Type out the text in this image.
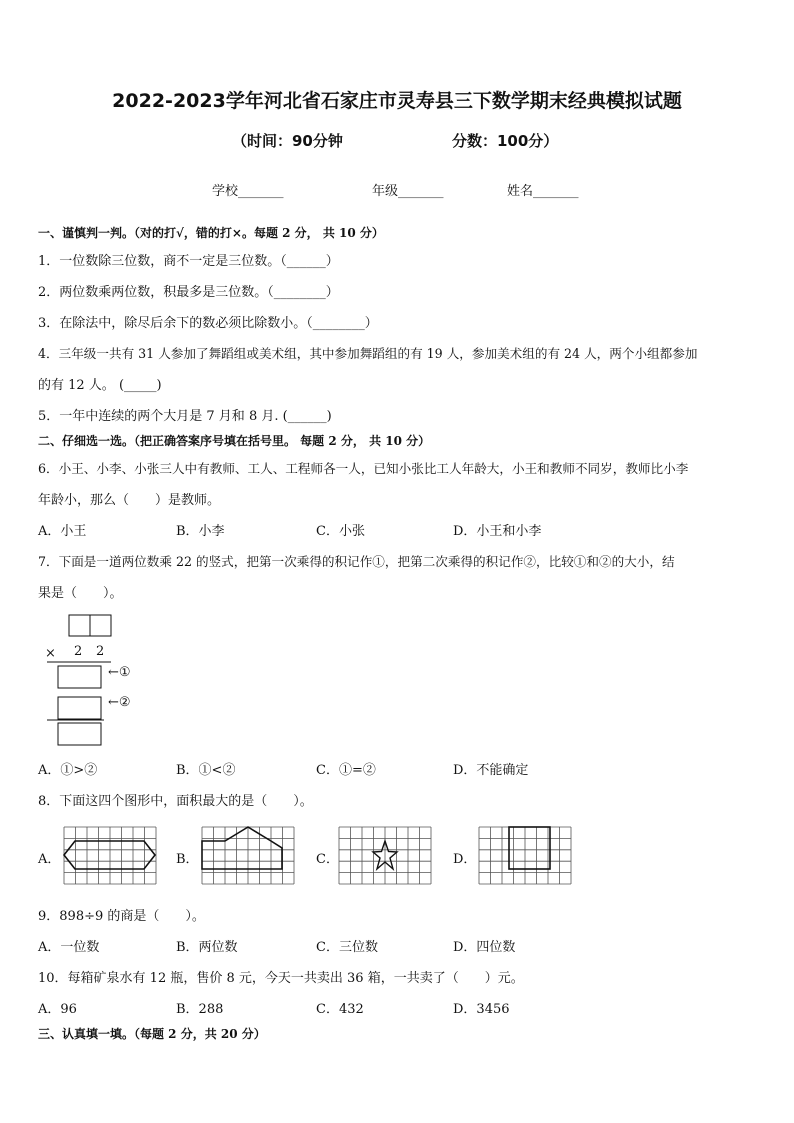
2022-2023学年河北省石家庄市灵寿县三下数学期末经典模拟试题
（时间：90分钟	分数：100分）
学校_______	年级_______	姓名_______
一、谨慎判一判。（对的打√，错的打×。每题 2 分， 共 10 分）
1．一位数除三位数，商不一定是三位数。（______）
2．两位数乘两位数，积最多是三位数。（________）
3．在除法中，除尽后余下的数必须比除数小。（________）
4．三年级一共有 31 人参加了舞蹈组或美术组，其中参加舞蹈组的有 19 人，参加美术组的有 24 人，两个小组都参加
的有 12 人。 (_____)
5．一年中连续的两个大月是 7 月和 8 月. (______)
二、仔细选一选。（把正确答案序号填在括号里。 每题 2 分， 共 10 分）
6．小王、小李、小张三人中有教师、工人、工程师各一人，已知小张比工人年龄大，小王和教师不同岁，教师比小李
年龄小，那么（　　）是教师。
A．小王	B．小李	C．小张	D．小王和小李
7．下面是一道两位数乘 22 的竖式，把第一次乘得的积记作①，把第二次乘得的积记作②，比较①和②的大小，结
果是（　　）。
× 2 2
←①
←②
A．①>②	B．①<②	C．①=②	D．不能确定
8．下面这四个图形中，面积最大的是（　　）。
A．	B．	C．	D．
9．898÷9 的商是（　　）。
A．一位数	B．两位数	C．三位数	D．四位数
10．每箱矿泉水有 12 瓶，售价 8 元，今天一共卖出 36 箱，一共卖了（　　）元。
A．96	B．288	C．432	D．3456
三、认真填一填。（每题 2 分，共 20 分）
